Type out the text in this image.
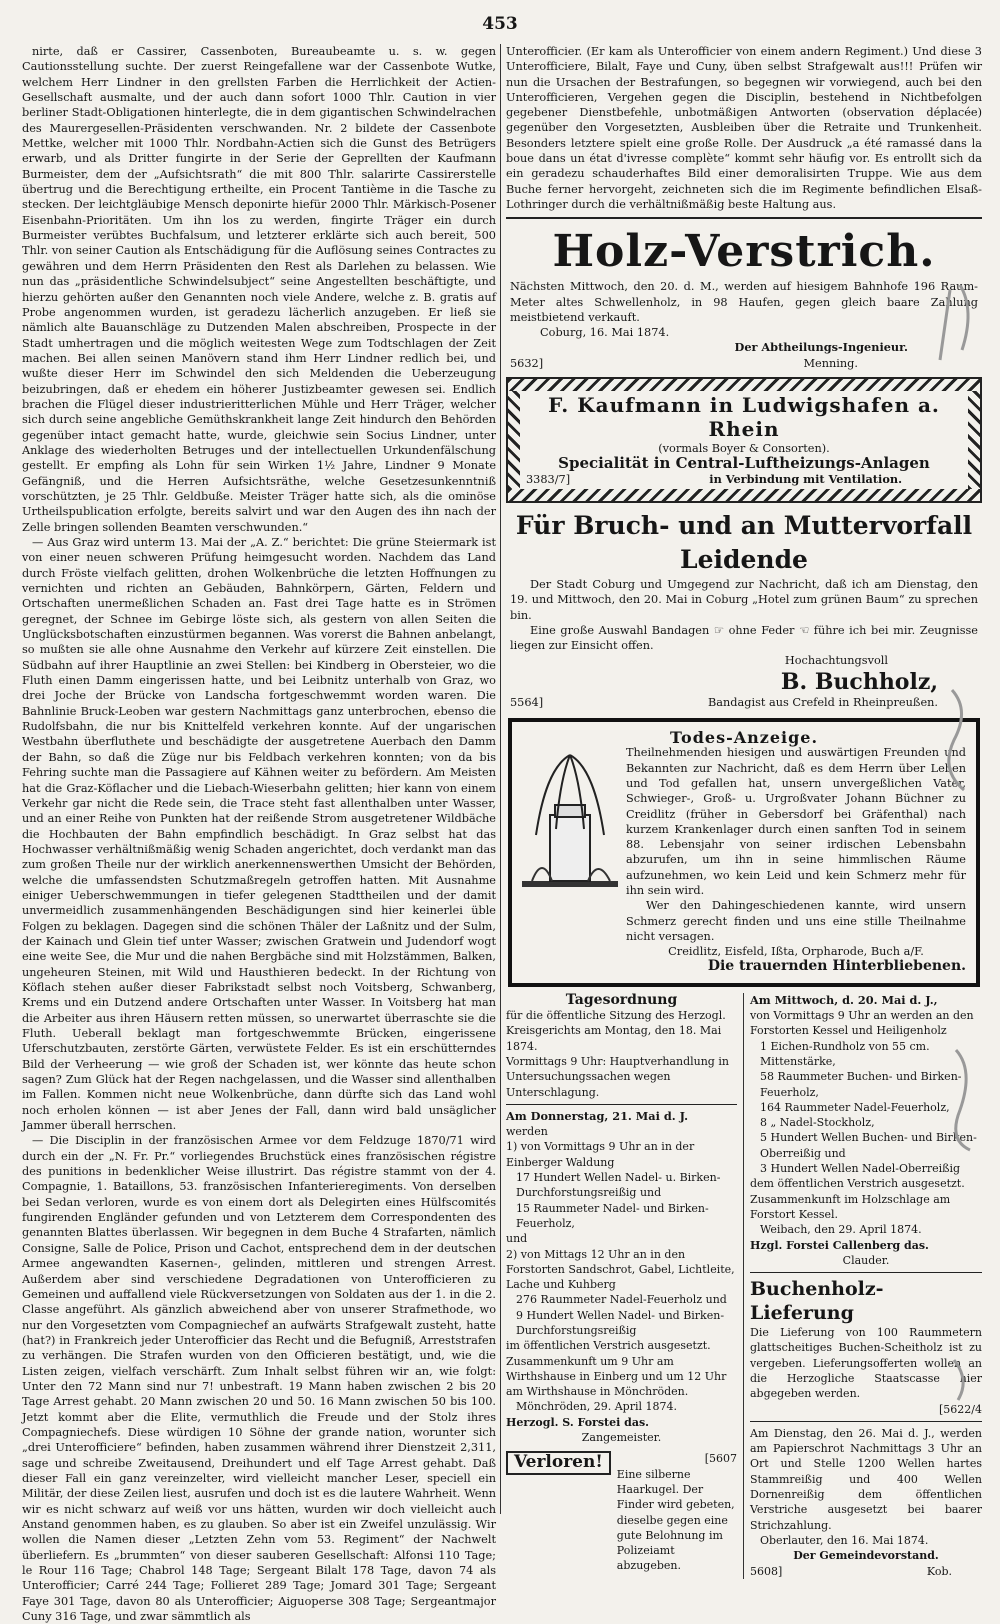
453

nirte, daß er Cassirer, Cassenboten, Bureaubeamte u. s. w. gegen Cautionsstellung suchte. Der zuerst Reingefallene war der Cassenbote Wutke, welchem Herr Lindner in den grellsten Farben die Herrlichkeit der Actien-Gesellschaft ausmalte, und der auch dann sofort 1000 Thlr. Caution in vier berliner Stadt-Obligationen hinterlegte, die in dem gigantischen Schwindelrachen des Maurergesellen-Präsidenten verschwanden. Nr. 2 bildete der Cassenbote Mettke, welcher mit 1000 Thlr. Nordbahn-Actien sich die Gunst des Betrügers erwarb, und als Dritter fungirte in der Serie der Geprellten der Kaufmann Burmeister, dem der „Aufsichtsrath“ die mit 800 Thlr. salarirte Cassirerstelle übertrug und die Berechtigung ertheilte, ein Procent Tantième in die Tasche zu stecken. Der leichtgläubige Mensch deponirte hiefür 2000 Thlr. Märkisch-Posener Eisenbahn-Prioritäten. Um ihn los zu werden, fingirte Träger ein durch Burmeister verübtes Buchfalsum, und letzterer erklärte sich auch bereit, 500 Thlr. von seiner Caution als Entschädigung für die Auflösung seines Contractes zu gewähren und dem Herrn Präsidenten den Rest als Darlehen zu belassen. Wie nun das „präsidentliche Schwindelsubject“ seine Angestellten beschäftigte, und hierzu gehörten außer den Genannten noch viele Andere, welche z. B. gratis auf Probe angenommen wurden, ist geradezu lächerlich anzugeben. Er ließ sie nämlich alte Bauanschläge zu Dutzenden Malen abschreiben, Prospecte in der Stadt umhertragen und die möglich weitesten Wege zum Todtschlagen der Zeit machen. Bei allen seinen Manövern stand ihm Herr Lindner redlich bei, und wußte dieser Herr im Schwindel den sich Meldenden die Ueberzeugung beizubringen, daß er ehedem ein höherer Justizbeamter gewesen sei. Endlich brachen die Flügel dieser industrieritterlichen Mühle und Herr Träger, welcher sich durch seine angebliche Gemüthskrankheit lange Zeit hindurch den Behörden gegenüber intact gemacht hatte, wurde, gleichwie sein Socius Lindner, unter Anklage des wiederholten Betruges und der intellectuellen Urkundenfälschung gestellt. Er empfing als Lohn für sein Wirken 1½ Jahre, Lindner 9 Monate Gefängniß, und die Herren Aufsichtsräthe, welche Gesetzesunkenntniß vorschützten, je 25 Thlr. Geldbuße. Meister Träger hatte sich, als die ominöse Urtheilspublication erfolgte, bereits salvirt und war den Augen des ihn nach der Zelle bringen sollenden Beamten verschwunden.“

— Aus Graz wird unterm 13. Mai der „A. Z.“ berichtet: Die grüne Steiermark ist von einer neuen schweren Prüfung heimgesucht worden. Nachdem das Land durch Fröste vielfach gelitten, drohen Wolkenbrüche die letzten Hoffnungen zu vernichten und richten an Gebäuden, Bahnkörpern, Gärten, Feldern und Ortschaften unermeßlichen Schaden an. Fast drei Tage hatte es in Strömen geregnet, der Schnee im Gebirge löste sich, als gestern von allen Seiten die Unglücksbotschaften einzustürmen begannen. Was vorerst die Bahnen anbelangt, so mußten sie alle ohne Ausnahme den Verkehr auf kürzere Zeit einstellen. Die Südbahn auf ihrer Hauptlinie an zwei Stellen: bei Kindberg in Obersteier, wo die Fluth einen Damm eingerissen hatte, und bei Leibnitz unterhalb von Graz, wo drei Joche der Brücke von Landscha fortgeschwemmt worden waren. Die Bahnlinie Bruck-Leoben war gestern Nachmittags ganz unterbrochen, ebenso die Rudolfsbahn, die nur bis Knittelfeld verkehren konnte. Auf der ungarischen Westbahn überfluthete und beschädigte der ausgetretene Auerbach den Damm der Bahn, so daß die Züge nur bis Feldbach verkehren konnten; von da bis Fehring suchte man die Passagiere auf Kähnen weiter zu befördern. Am Meisten hat die Graz-Köflacher und die Liebach-Wieserbahn gelitten; hier kann von einem Verkehr gar nicht die Rede sein, die Trace steht fast allenthalben unter Wasser, und an einer Reihe von Punkten hat der reißende Strom ausgetretener Wildbäche die Hochbauten der Bahn empfindlich beschädigt. In Graz selbst hat das Hochwasser verhältnißmäßig wenig Schaden angerichtet, doch verdankt man das zum großen Theile nur der wirklich anerkennenswerthen Umsicht der Behörden, welche die umfassendsten Schutzmaßregeln getroffen hatten. Mit Ausnahme einiger Ueberschwemmungen in tiefer gelegenen Stadttheilen und der damit unvermeidlich zusammenhängenden Beschädigungen sind hier keinerlei üble Folgen zu beklagen. Dagegen sind die schönen Thäler der Laßnitz und der Sulm, der Kainach und Glein tief unter Wasser; zwischen Gratwein und Judendorf wogt eine weite See, die Mur und die nahen Bergbäche sind mit Holzstämmen, Balken, ungeheuren Steinen, mit Wild und Hausthieren bedeckt. In der Richtung von Köflach stehen außer dieser Fabrikstadt selbst noch Voitsberg, Schwanberg, Krems und ein Dutzend andere Ortschaften unter Wasser. In Voitsberg hat man die Arbeiter aus ihren Häusern retten müssen, so unerwartet überraschte sie die Fluth. Ueberall beklagt man fortgeschwemmte Brücken, eingerissene Uferschutzbauten, zerstörte Gärten, verwüstete Felder. Es ist ein erschütterndes Bild der Verheerung — wie groß der Schaden ist, wer könnte das heute schon sagen? Zum Glück hat der Regen nachgelassen, und die Wasser sind allenthalben im Fallen. Kommen nicht neue Wolkenbrüche, dann dürfte sich das Land wohl noch erholen können — ist aber Jenes der Fall, dann wird bald unsäglicher Jammer überall herrschen.

— Die Disciplin in der französischen Armee vor dem Feldzuge 1870/71 wird durch ein der „N. Fr. Pr.“ vorliegendes Bruchstück eines französischen régistre des punitions in bedenklicher Weise illustrirt. Das régistre stammt von der 4. Compagnie, 1. Bataillons, 53. französischen Infanterieregiments. Von derselben bei Sedan verloren, wurde es von einem dort als Delegirten eines Hülfscomités fungirenden Engländer gefunden und von Letzterem dem Correspondenten des genannten Blattes überlassen. Wir begegnen in dem Buche 4 Strafarten, nämlich Consigne, Salle de Police, Prison und Cachot, entsprechend dem in der deutschen Armee angewandten Kasernen-, gelinden, mittleren und strengen Arrest. Außerdem aber sind verschiedene Degradationen von Unterofficieren zu Gemeinen und auffallend viele Rückversetzungen von Soldaten aus der 1. in die 2. Classe angeführt. Als gänzlich abweichend aber von unserer Strafmethode, wo nur den Vorgesetzten vom Compagniechef an aufwärts Strafgewalt zusteht, hatte (hat?) in Frankreich jeder Unterofficier das Recht und die Befugniß, Arreststrafen zu verhängen. Die Strafen wurden von den Officieren bestätigt, und, wie die Listen zeigen, vielfach verschärft. Zum Inhalt selbst führen wir an, wie folgt: Unter den 72 Mann sind nur 7! unbestraft. 19 Mann haben zwischen 2 bis 20 Tage Arrest gehabt. 20 Mann zwischen 20 und 50. 16 Mann zwischen 50 bis 100. Jetzt kommt aber die Elite, vermuthlich die Freude und der Stolz ihres Compagniechefs. Diese würdigen 10 Söhne der grande nation, worunter sich „drei Unterofficiere“ befinden, haben zusammen während ihrer Dienstzeit 2,311, sage und schreibe Zweitausend, Dreihundert und elf Tage Arrest gehabt. Daß dieser Fall ein ganz vereinzelter, wird vielleicht mancher Leser, speciell ein Militär, der diese Zeilen liest, ausrufen und doch ist es die lautere Wahrheit. Wenn wir es nicht schwarz auf weiß vor uns hätten, wurden wir doch vielleicht auch Anstand genommen haben, es zu glauben. So aber ist ein Zweifel unzulässig. Wir wollen die Namen dieser „Letzten Zehn vom 53. Regiment“ der Nachwelt überliefern. Es „brummten“ von dieser sauberen Gesellschaft: Alfonsi 110 Tage; le Rour 116 Tage; Chabrol 148 Tage; Sergeant Bilalt 178 Tage, davon 74 als Unterofficier; Carré 244 Tage; Follieret 289 Tage; Jomard 301 Tage; Sergeant Faye 301 Tage, davon 80 als Unterofficier; Aiguoperse 308 Tage; Sergeantmajor Cuny 316 Tage, und zwar sämmtlich als

Unterofficier. (Er kam als Unterofficier von einem andern Regiment.) Und diese 3 Unterofficiere, Bilalt, Faye und Cuny, üben selbst Strafgewalt aus!!! Prüfen wir nun die Ursachen der Bestrafungen, so begegnen wir vorwiegend, auch bei den Unterofficieren, Vergehen gegen die Disciplin, bestehend in Nichtbefolgen gegebener Dienstbefehle, unbotmäßigen Antworten (observation déplacée) gegenüber den Vorgesetzten, Ausbleiben über die Retraite und Trunkenheit. Besonders letztere spielt eine große Rolle. Der Ausdruck „a été ramassé dans la boue dans un état d'ivresse complète“ kommt sehr häufig vor. Es entrollt sich da ein geradezu schauderhaftes Bild einer demoralisirten Truppe. Wie aus dem Buche ferner hervorgeht, zeichneten sich die im Regimente befindlichen Elsaß-Lothringer durch die verhältnißmäßig beste Haltung aus.

Holz-Verstrich.
Nächsten Mittwoch, den 20. d. M., werden auf hiesigem Bahnhofe 196 Raum-Meter altes Schwellenholz, in 98 Haufen, gegen gleich baare Zahlung meistbietend verkauft.
Coburg, 16. Mai 1874.
Der Abtheilungs-Ingenieur.
5632]	Menning.
F. Kaufmann in Ludwigshafen a. Rhein
(vormals Boyer & Consorten).
Specialität in Central-Luftheizungs-Anlagen
3383/7]	in Verbindung mit Ventilation.
Für Bruch- und an Muttervorfall Leidende
Der Stadt Coburg und Umgegend zur Nachricht, daß ich am Dienstag, den 19. und Mittwoch, den 20. Mai in Coburg „Hotel zum grünen Baum“ zu sprechen bin.
Eine große Auswahl Bandagen ☞ ohne Feder ☜ führe ich bei mir. Zeugnisse liegen zur Einsicht offen.
Hochachtungsvoll
B. Buchholz,
5564]	Bandagist aus Crefeld in Rheinpreußen.
Todes-Anzeige.
Theilnehmenden hiesigen und auswärtigen Freunden und Bekannten zur Nachricht, daß es dem Herrn über Leben und Tod gefallen hat, unsern unvergeßlichen Vater, Schwieger-, Groß- u. Urgroßvater Johann Büchner zu Creidlitz (früher in Gebersdorf bei Gräfenthal) nach kurzem Krankenlager durch einen sanften Tod in seinem 88. Lebensjahr von seiner irdischen Lebensbahn abzurufen, um ihn in seine himmlischen Räume aufzunehmen, wo kein Leid und kein Schmerz mehr für ihn sein wird.
Wer den Dahingeschiedenen kannte, wird unsern Schmerz gerecht finden und uns eine stille Theilnahme nicht versagen.
Creidlitz, Eisfeld, Ißta, Orpharode, Buch a/F.
Die trauernden Hinterbliebenen.
Tagesordnung
für die öffentliche Sitzung des Herzogl. Kreisgerichts am Montag, den 18. Mai 1874.
Vormittags 9 Uhr: Hauptverhandlung in Untersuchungssachen wegen Unterschlagung.
Am Donnerstag, 21. Mai d. J.
werden
1) von Vormittags 9 Uhr an in der Einberger Waldung
17 Hundert Wellen Nadel- u. Birken-Durchforstungsreißig und
15 Raummeter Nadel- und Birken-Feuerholz,
und
2) von Mittags 12 Uhr an in den Forstorten Sandschrot, Gabel, Lichtleite, Lache und Kuhberg
276 Raummeter Nadel-Feuerholz und
9 Hundert Wellen Nadel- und Birken-Durchforstungsreißig
im öffentlichen Verstrich ausgesetzt. Zusammenkunft um 9 Uhr am Wirthshause in Einberg und um 12 Uhr am Wirthshause in Mönchröden.
Mönchröden, 29. April 1874.
Herzogl. S. Forstei das.
Zangemeister.
Verloren!	[5607
Eine silberne Haarkugel. Der Finder wird gebeten, dieselbe gegen eine gute Belohnung im Polizeiamt abzugeben.
Am Mittwoch, d. 20. Mai d. J.,
von Vormittags 9 Uhr an werden an den Forstorten Kessel und Heiligenholz
1 Eichen-Rundholz von 55 cm. Mittenstärke,
58 Raummeter Buchen- und Birken-Feuerholz,
164 Raummeter Nadel-Feuerholz,
8 „ Nadel-Stockholz,
5 Hundert Wellen Buchen- und Birken-Oberreißig und
3 Hundert Wellen Nadel-Oberreißig
dem öffentlichen Verstrich ausgesetzt. Zusammenkunft im Holzschlage am Forstort Kessel.
Weibach, den 29. April 1874.
Hzgl. Forstei Callenberg das.
Clauder.
Buchenholz-Lieferung
Die Lieferung von 100 Raummetern glattscheitiges Buchen-Scheitholz ist zu vergeben. Lieferungsofferten wollen an die Herzogliche Staatscasse hier abgegeben werden.
[5622/4
Am Dienstag, den 26. Mai d. J., werden am Papierschrot Nachmittags 3 Uhr an Ort und Stelle 1200 Wellen hartes Stammreißig und 400 Wellen Dornenreißig dem öffentlichen Verstriche ausgesetzt bei baarer Strichzahlung.
Oberlauter, den 16. Mai 1874.
Der Gemeindevorstand.
5608]	Kob.
